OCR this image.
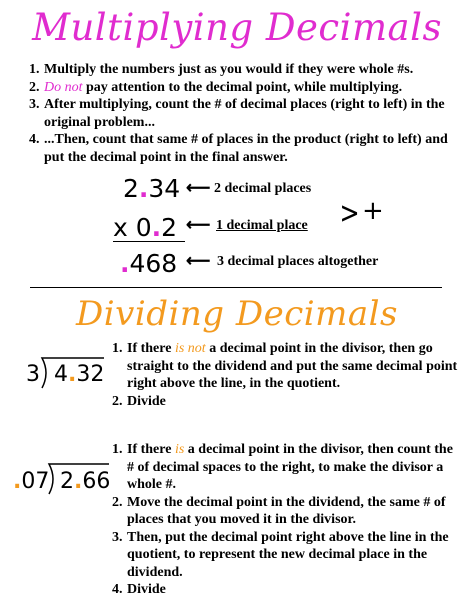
Multiplying Decimals
1. Multiply the numbers just as you would if they were whole #s.
2. Do not pay attention to the decimal point, while multiplying.
3. After multiplying, count the # of decimal places (right to left) in the original problem...
4. ...Then, count that same # of places in the product (right to left) and put the decimal point in the final answer.
2.34 ⟵ 2 decimal places
x 0.2 ⟵ 1 decimal place > +
.468 ⟵ 3 decimal places altogether
Dividing Decimals
3 4.32
1. If there is not a decimal point in the divisor, then go straight to the dividend and put the same decimal point right above the line, in the quotient.
2. Divide
.07 2.66
1. If there is a decimal point in the divisor, then count the # of decimal spaces to the right, to make the divisor a whole #.
2. Move the decimal point in the dividend, the same # of places that you moved it in the divisor.
3. Then, put the decimal point right above the line in the quotient, to represent the new decimal place in the dividend.
4. Divide
